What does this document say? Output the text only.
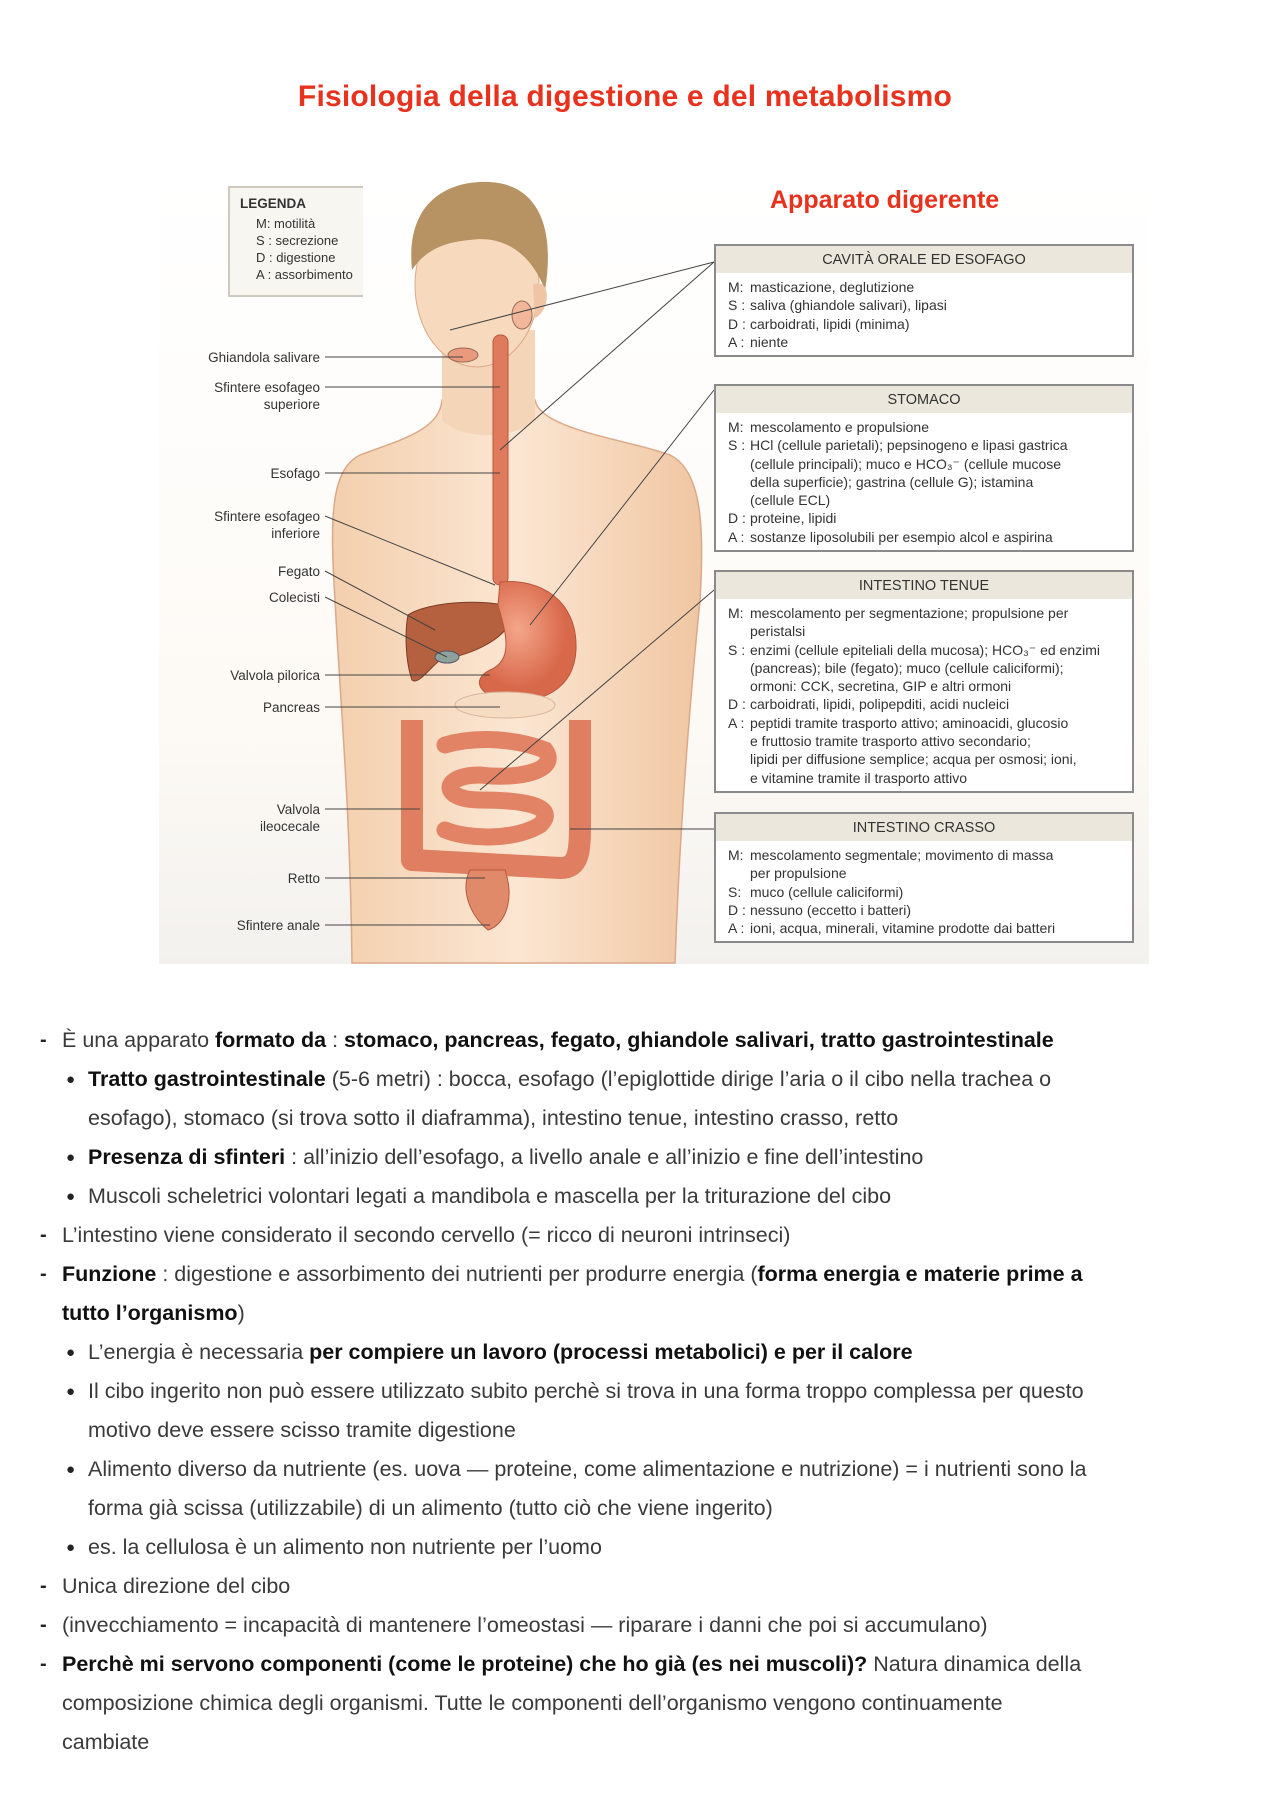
Fisiologia della digestione e del metabolismo
Apparato digerente
LEGENDA
M: motilità
S : secrezione
D : digestione
A : assorbimento
Ghiandola salivare
Sfintere esofageo
superiore
Esofago
Sfintere esofageo
inferiore
Fegato
Colecisti
Valvola pilorica
Pancreas
Valvola
ileocecale
Retto
Sfintere anale
CAVITÀ ORALE ED ESOFAGO
M: masticazione, deglutizione
S : saliva (ghiandole salivari), lipasi
D : carboidrati, lipidi (minima)
A : niente
STOMACO
M: mescolamento e propulsione
S : HCl (cellule parietali); pepsinogeno e lipasi gastrica
(cellule principali); muco e HCO₃⁻ (cellule mucose
della superficie); gastrina (cellule G); istamina
(cellule ECL)
D : proteine, lipidi
A : sostanze liposolubili per esempio alcol e aspirina
INTESTINO TENUE
M: mescolamento per segmentazione; propulsione per
peristalsi
S : enzimi (cellule epiteliali della mucosa); HCO₃⁻ ed enzimi
(pancreas); bile (fegato); muco (cellule caliciformi);
ormoni: CCK, secretina, GIP e altri ormoni
D : carboidrati, lipidi, polipepditi, acidi nucleici
A : peptidi tramite trasporto attivo; aminoacidi, glucosio
e fruttosio tramite trasporto attivo secondario;
lipidi per diffusione semplice; acqua per osmosi; ioni,
e vitamine tramite il trasporto attivo
INTESTINO CRASSO
M: mescolamento segmentale; movimento di massa
per propulsione
S: muco (cellule caliciformi)
D : nessuno (eccetto i batteri)
A : ioni, acqua, minerali, vitamine prodotte dai batteri
- È una apparato formato da : stomaco, pancreas, fegato, ghiandole salivari, tratto gastrointestinale
● Tratto gastrointestinale (5-6 metri) : bocca, esofago (l’epiglottide dirige l’aria o il cibo nella trachea o
esofago), stomaco (si trova sotto il diaframma), intestino tenue, intestino crasso, retto
● Presenza di sfinteri : all’inizio dell’esofago, a livello anale e all’inizio e fine dell’intestino
● Muscoli scheletrici volontari legati a mandibola e mascella per la triturazione del cibo
- L’intestino viene considerato il secondo cervello (= ricco di neuroni intrinseci)
- Funzione : digestione e assorbimento dei nutrienti per produrre energia (forma energia e materie prime a
tutto l’organismo)
● L’energia è necessaria per compiere un lavoro (processi metabolici) e per il calore
● Il cibo ingerito non può essere utilizzato subito perchè si trova in una forma troppo complessa per questo
motivo deve essere scisso tramite digestione
● Alimento diverso da nutriente (es. uova — proteine, come alimentazione e nutrizione) = i nutrienti sono la
forma già scissa (utilizzabile) di un alimento (tutto ciò che viene ingerito)
● es. la cellulosa è un alimento non nutriente per l’uomo
- Unica direzione del cibo
- (invecchiamento = incapacità di mantenere l’omeostasi — riparare i danni che poi si accumulano)
- Perchè mi servono componenti (come le proteine) che ho già (es nei muscoli)? Natura dinamica della
composizione chimica degli organismi. Tutte le componenti dell’organismo vengono continuamente
cambiate
